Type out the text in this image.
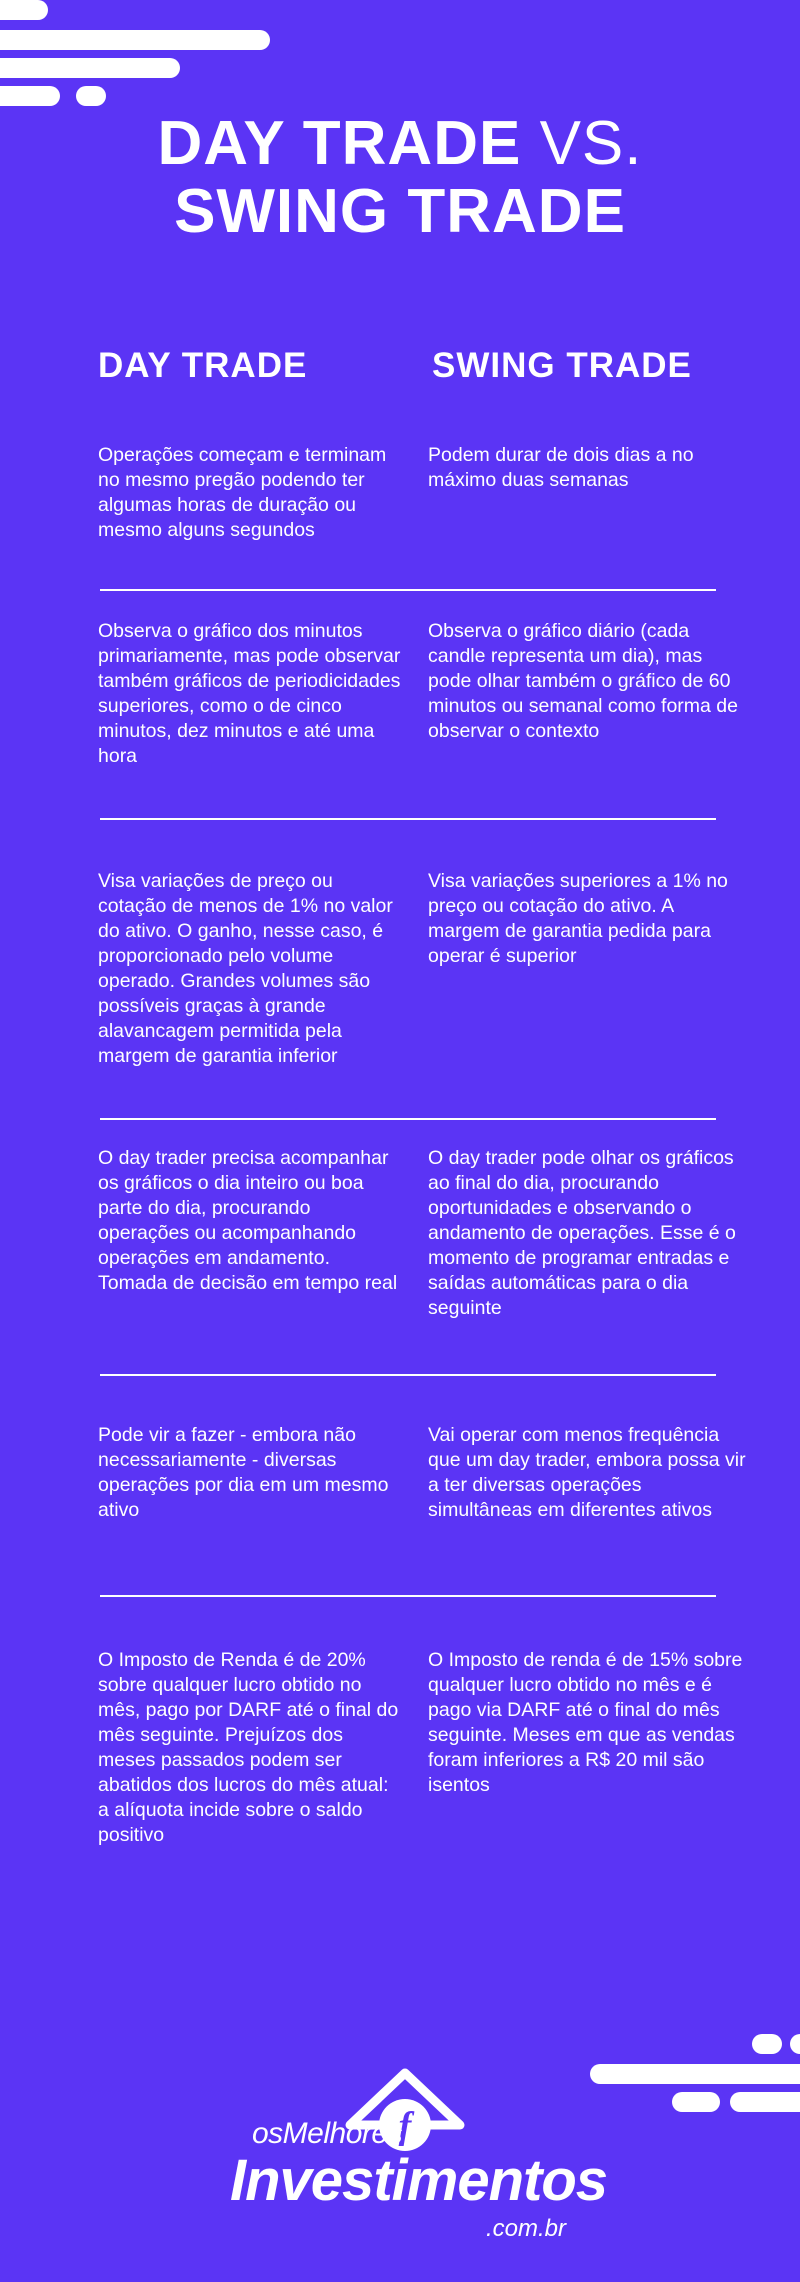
DAY TRADE VS.
SWING TRADE
DAY TRADE	SWING TRADE
Operações começam e terminam no mesmo pregão podendo ter algumas horas de duração ou mesmo alguns segundos
Podem durar de dois dias a no máximo duas semanas
Observa o gráfico dos minutos primariamente, mas pode observar também gráficos de periodicidades superiores, como o de cinco minutos, dez minutos e até uma hora
Observa o gráfico diário (cada candle representa um dia), mas pode olhar também o gráfico de 60 minutos ou semanal como forma de observar o contexto
Visa variações de preço ou cotação de menos de 1% no valor do ativo. O ganho, nesse caso, é proporcionado pelo volume operado. Grandes volumes são possíveis graças à grande alavancagem permitida pela margem de garantia inferior
Visa variações superiores a 1% no preço ou cotação do ativo. A margem de garantia pedida para operar é superior
O day trader precisa acompanhar os gráficos o dia inteiro ou boa parte do dia, procurando operações ou acompanhando operações em andamento. Tomada de decisão em tempo real
O day trader pode olhar os gráficos ao final do dia, procurando oportunidades e observando o andamento de operações. Esse é o momento de programar entradas e saídas automáticas para o dia seguinte
Pode vir a fazer - embora não necessariamente - diversas operações por dia em um mesmo ativo
Vai operar com menos frequência que um day trader, embora possa vir a ter diversas operações simultâneas em diferentes ativos
O Imposto de Renda é de 20% sobre qualquer lucro obtido no mês, pago por DARF até o final do mês seguinte. Prejuízos dos meses passados podem ser abatidos dos lucros do mês atual: a alíquota incide sobre o saldo positivo
O Imposto de renda é de 15% sobre qualquer lucro obtido no mês e é pago via DARF até o final do mês seguinte. Meses em que as vendas foram inferiores a R$ 20 mil são isentos
f
osMelhores
Investimentos
.com.br
